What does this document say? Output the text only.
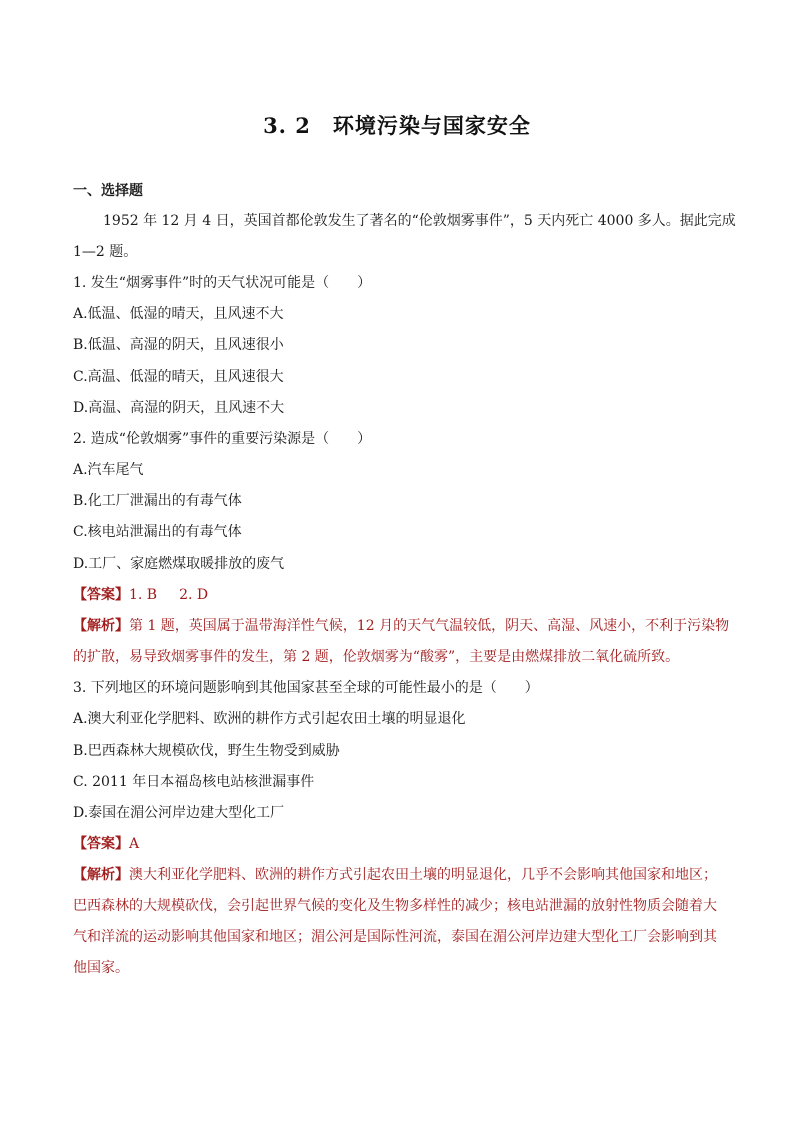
3. 2 环境污染与国家安全
一、选择题
1952 年 12 月 4 日，英国首都伦敦发生了著名的“伦敦烟雾事件”，5 天内死亡 4000 多人。据此完成
1—2 题。
1. 发生“烟雾事件”时的天气状况可能是（　　）
A.低温、低湿的晴天，且风速不大
B.低温、高湿的阴天，且风速很小
C.高温、低湿的晴天，且风速很大
D.高温、高湿的阴天，且风速不大
2. 造成“伦敦烟雾”事件的重要污染源是（　　）
A.汽车尾气
B.化工厂泄漏出的有毒气体
C.核电站泄漏出的有毒气体
D.工厂、家庭燃煤取暖排放的废气
【答案】1. B 2. D
【解析】第 1 题，英国属于温带海洋性气候，12 月的天气气温较低，阴天、高湿、风速小，不利于污染物
的扩散，易导致烟雾事件的发生，第 2 题，伦敦烟雾为“酸雾”，主要是由燃煤排放二氧化硫所致。
3. 下列地区的环境问题影响到其他国家甚至全球的可能性最小的是（　　）
A.澳大利亚化学肥料、欧洲的耕作方式引起农田土壤的明显退化
B.巴西森林大规模砍伐，野生生物受到威胁
C. 2011 年日本福岛核电站核泄漏事件
D.泰国在湄公河岸边建大型化工厂
【答案】A
【解析】澳大利亚化学肥料、欧洲的耕作方式引起农田土壤的明显退化，几乎不会影响其他国家和地区；
巴西森林的大规模砍伐，会引起世界气候的变化及生物多样性的减少；核电站泄漏的放射性物质会随着大
气和洋流的运动影响其他国家和地区；湄公河是国际性河流，泰国在湄公河岸边建大型化工厂会影响到其
他国家。
